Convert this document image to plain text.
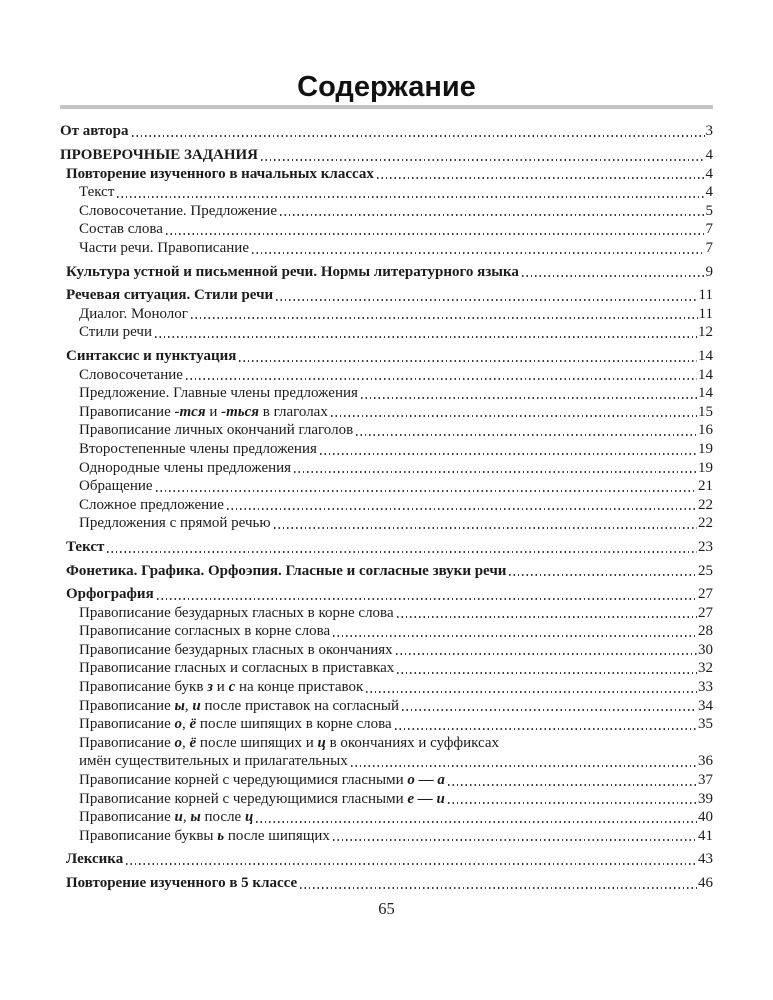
Содержание
От автора	3
ПРОВЕРОЧНЫЕ ЗАДАНИЯ	4
Повторение изученного в начальных классах	4
Текст	4
Словосочетание. Предложение	5
Состав слова	7
Части речи. Правописание	7
Культура устной и письменной речи. Нормы литературного языка	9
Речевая ситуация. Стили речи	11
Диалог. Монолог	11
Стили речи	12
Синтаксис и пунктуация	14
Словосочетание	14
Предложение. Главные члены предложения	14
Правописание -тся и -ться в глаголах	15
Правописание личных окончаний глаголов	16
Второстепенные члены предложения	19
Однородные члены предложения	19
Обращение	21
Сложное предложение	22
Предложения с прямой речью	22
Текст	23
Фонетика. Графика. Орфоэпия. Гласные и согласные звуки речи	25
Орфография	27
Правописание безударных гласных в корне слова	27
Правописание согласных в корне слова	28
Правописание безударных гласных в окончаниях	30
Правописание гласных и согласных в приставках	32
Правописание букв з и с на конце приставок	33
Правописание ы, и после приставок на согласный	34
Правописание о, ё после шипящих в корне слова	35
Правописание о, ё после шипящих и ц в окончаниях и суффиксах
имён существительных и прилагательных	36
Правописание корней с чередующимися гласными о — а	37
Правописание корней с чередующимися гласными е — и	39
Правописание и, ы после ц	40
Правописание буквы ь после шипящих	41
Лексика	43
Повторение изученного в 5 классе	46
65
